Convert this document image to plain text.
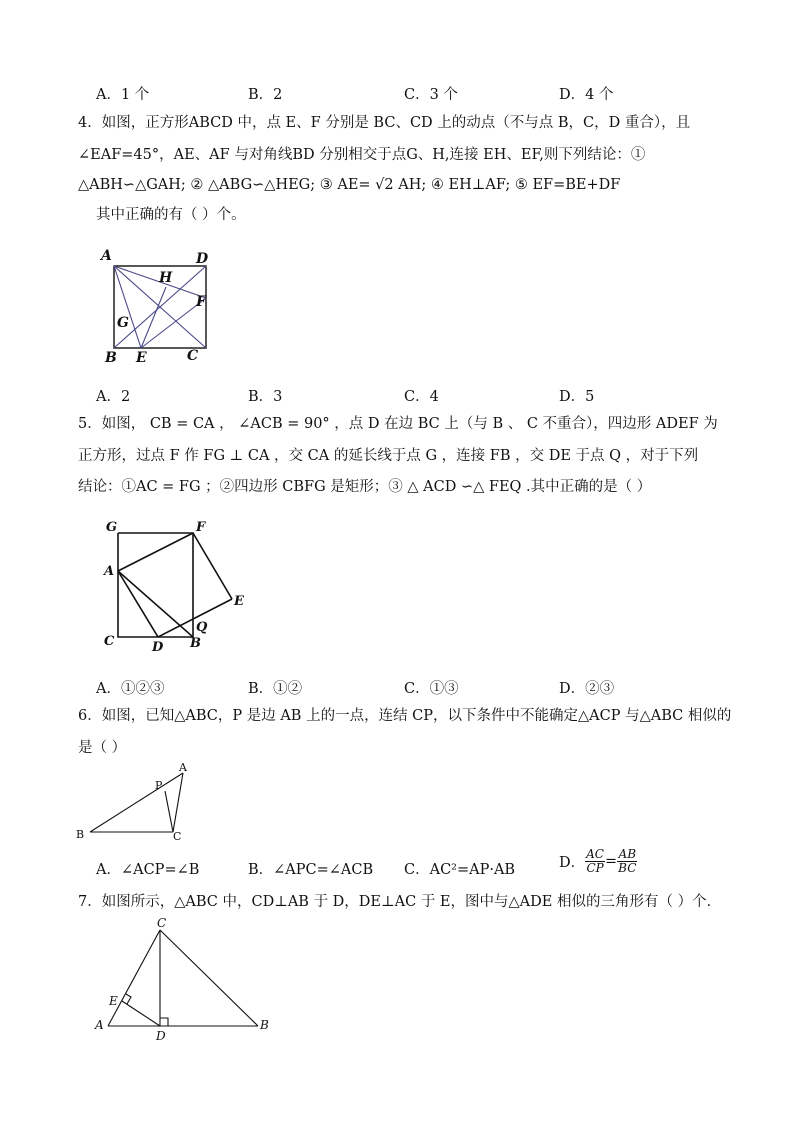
A．1 个	B．2	C．3 个	D．4 个
4．如图，正方形ABCD 中，点 E、F 分别是 BC、CD 上的动点（不与点 B，C，D 重合），且
∠EAF=45°，AE、AF 与对角线BD 分别相交于点G、H,连接 EH、EF,则下列结论：①
△ABH∽△GAH; ② △ABG∽△HEG; ③ AE= √2 AH; ④ EH⊥AF; ⑤ EF=BE+DF
其中正确的有（ ）个。
A	D
H
F
G
B E	C
A．2	B．3	C．4	D．5
5．如图， CB = CA ， ∠ACB = 90° ，点 D 在边 BC 上（与 B 、 C 不重合），四边形 ADEF 为
正方形，过点 F 作 FG ⊥ CA ，交 CA 的延长线于点 G ，连接 FB ，交 DE 于点 Q ，对于下列
结论：①AC = FG ；②四边形 CBFG 是矩形；③ △ ACD ∽△ FEQ .其中正确的是（ ）
G	F
A
E
Q
C	D B
A．①②③	B．①②	C．①③	D．②③
6．如图，已知△ABC，P 是边 AB 上的一点，连结 CP，以下条件中不能确定△ACP 与△ABC 相似的
是（ ）
A
P
B	C
A．∠ACP=∠B	B．∠APC=∠ACB C．AC²=AP·AB	D． $\frac{AC}{CP} = \frac{AB}{BC}$
7．如图所示，△ABC 中，CD⊥AB 于 D，DE⊥AC 于 E，图中与△ADE 相似的三角形有（ ）个．
C
E
A
D
B
